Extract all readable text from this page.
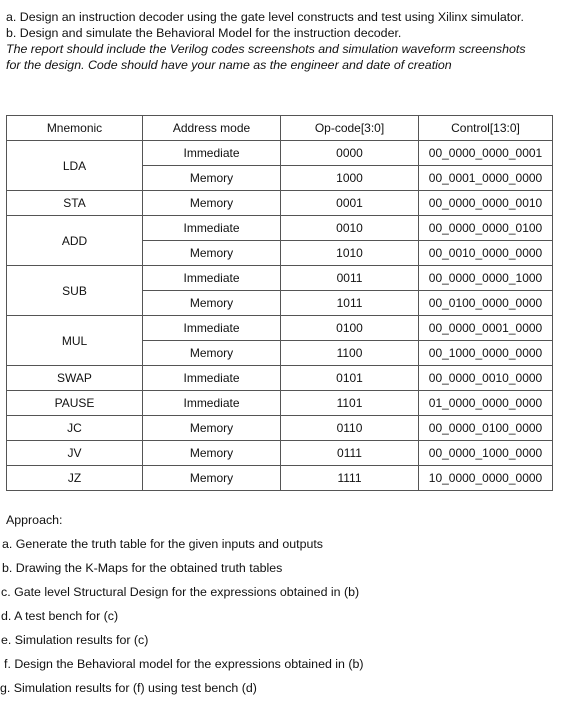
a. Design an instruction decoder using the gate level constructs and test using Xilinx simulator.
b. Design and simulate the Behavioral Model for the instruction decoder.
The report should include the Verilog codes screenshots and simulation waveform screenshots
for the design. Code should have your name as the engineer and date of creation
Mnemonic	Address mode	Op-code[3:0]	Control[13:0]
LDA	Immediate	0000	00_0000_0000_0001
	Memory	1000	00_0001_0000_0000
STA	Memory	0001	00_0000_0000_0010
ADD	Immediate	0010	00_0000_0000_0100
	Memory	1010	00_0010_0000_0000
SUB	Immediate	0011	00_0000_0000_1000
	Memory	1011	00_0100_0000_0000
MUL	Immediate	0100	00_0000_0001_0000
	Memory	1100	00_1000_0000_0000
SWAP	Immediate	0101	00_0000_0010_0000
PAUSE	Immediate	1101	01_0000_0000_0000
JC	Memory	0110	00_0000_0100_0000
JV	Memory	0111	00_0000_1000_0000
JZ	Memory	1111	10_0000_0000_0000
Approach:
a. Generate the truth table for the given inputs and outputs
b. Drawing the K-Maps for the obtained truth tables
c. Gate level Structural Design for the expressions obtained in (b)
d. A test bench for (c)
e. Simulation results for (c)
f. Design the Behavioral model for the expressions obtained in (b)
g. Simulation results for (f) using test bench (d)
